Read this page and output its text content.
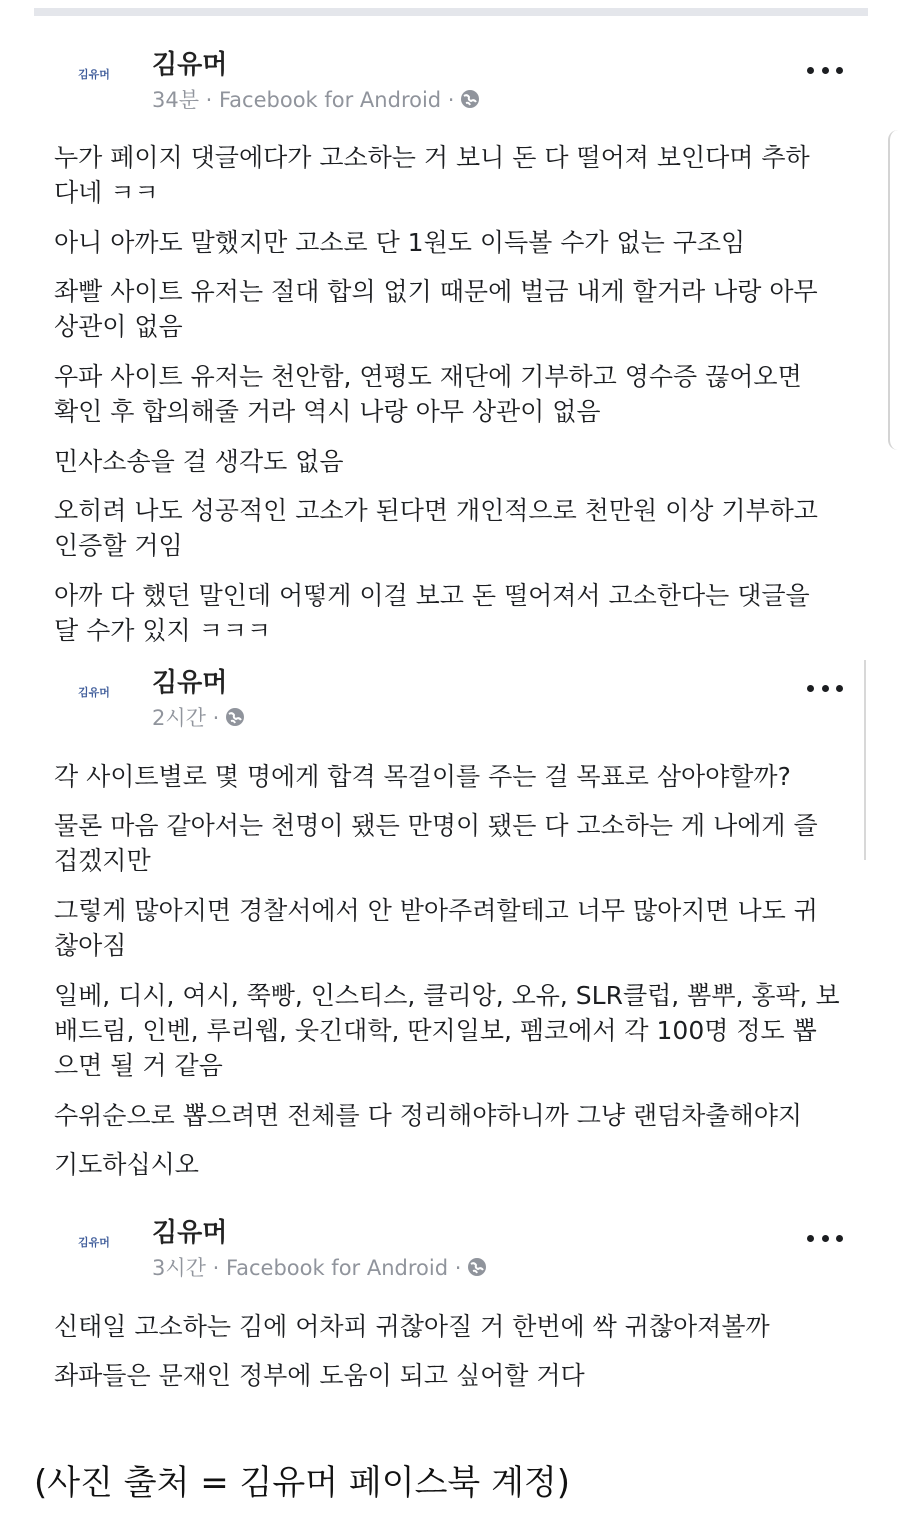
김유머	김유머
34분 · Facebook for Android ·
누가 페이지 댓글에다가 고소하는 거 보니 돈 다 떨어져 보인다며 추하
다네 ㅋㅋ
아니 아까도 말했지만 고소로 단 1원도 이득볼 수가 없는 구조임
좌빨 사이트 유저는 절대 합의 없기 때문에 벌금 내게 할거라 나랑 아무
상관이 없음
우파 사이트 유저는 천안함, 연평도 재단에 기부하고 영수증 끊어오면
확인 후 합의해줄 거라 역시 나랑 아무 상관이 없음
민사소송을 걸 생각도 없음
오히려 나도 성공적인 고소가 된다면 개인적으로 천만원 이상 기부하고
인증할 거임
아까 다 했던 말인데 어떻게 이걸 보고 돈 떨어져서 고소한다는 댓글을
달 수가 있지 ㅋㅋㅋ
김유머	김유머
2시간 ·
각 사이트별로 몇 명에게 합격 목걸이를 주는 걸 목표로 삼아야할까?
물론 마음 같아서는 천명이 됐든 만명이 됐든 다 고소하는 게 나에게 즐
겁겠지만
그렇게 많아지면 경찰서에서 안 받아주려할테고 너무 많아지면 나도 귀
찮아짐
일베, 디시, 여시, 쭉빵, 인스티스, 클리앙, 오유, SLR클럽, 뽐뿌, 홍팍, 보
배드림, 인벤, 루리웹, 웃긴대학, 딴지일보, 펨코에서 각 100명 정도 뽑
으면 될 거 같음
수위순으로 뽑으려면 전체를 다 정리해야하니까 그냥 랜덤차출해야지
기도하십시오
김유머	김유머
3시간 · Facebook for Android ·
신태일 고소하는 김에 어차피 귀찮아질 거 한번에 싹 귀찮아져볼까
좌파들은 문재인 정부에 도움이 되고 싶어할 거다
(사진 출처 = 김유머 페이스북 계정)
